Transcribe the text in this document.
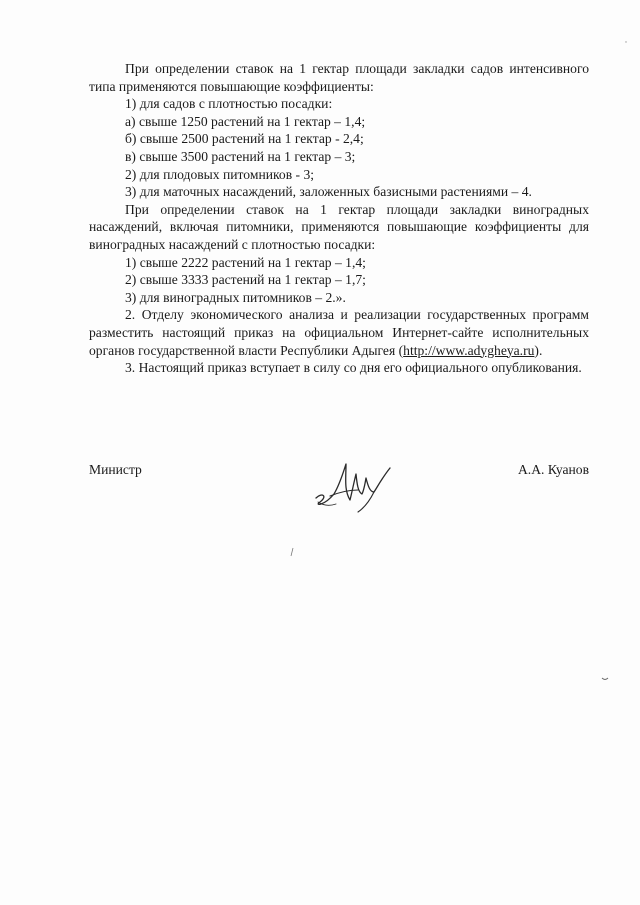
При определении ставок на 1 гектар площади закладки садов интенсивного типа применяются повышающие коэффициенты:

1) для садов с плотностью посадки:

а) свыше 1250 растений на 1 гектар – 1,4;

б) свыше 2500 растений на 1 гектар - 2,4;

в) свыше 3500 растений на 1 гектар – 3;

2) для плодовых питомников - 3;

3) для маточных насаждений, заложенных базисными растениями – 4.

При определении ставок на 1 гектар площади закладки виноградных насаждений, включая питомники, применяются повышающие коэффициенты для виноградных насаждений с плотностью посадки:

1) свыше 2222 растений на 1 гектар – 1,4;

2) свыше 3333 растений на 1 гектар – 1,7;

3) для виноградных питомников – 2.».

2. Отделу экономического анализа и реализации государственных программ разместить настоящий приказ на официальном Интернет-сайте исполнительных органов государственной власти Республики Адыгея (http://www.adygheya.ru).

3. Настоящий приказ вступает в силу со дня его официального опубликования.

Министр	А.А. Куанов
